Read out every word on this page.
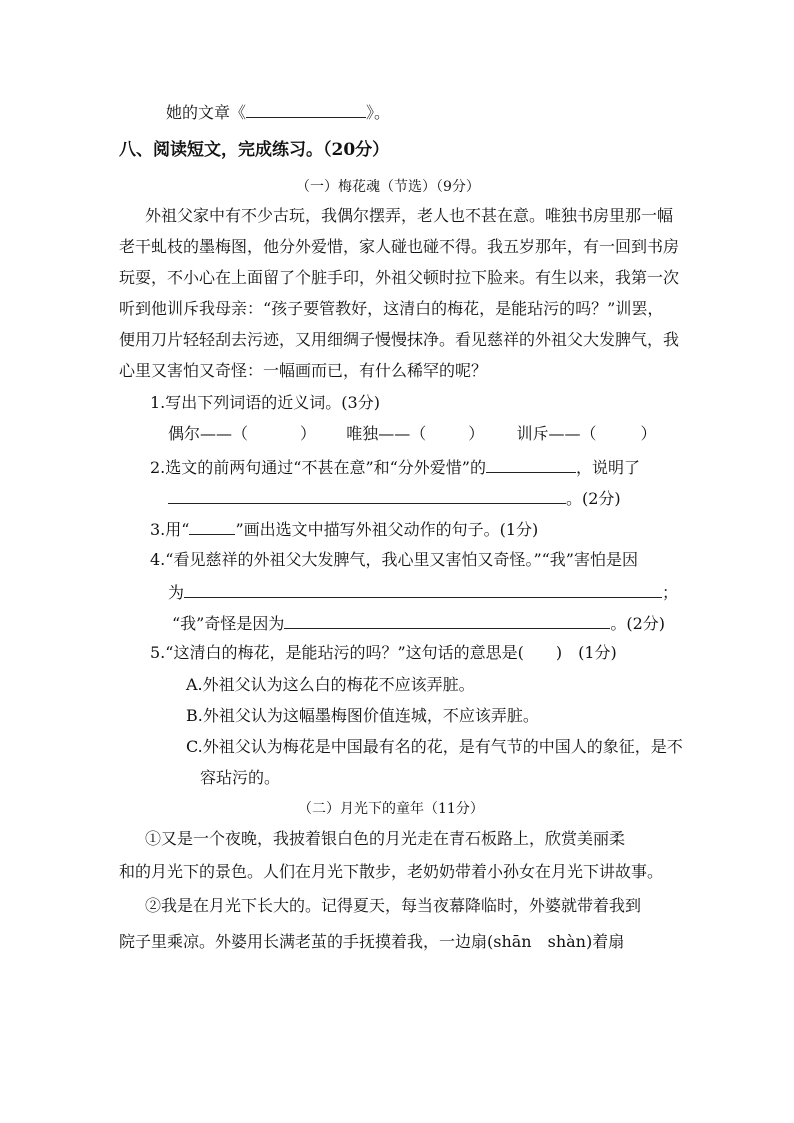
她的文章《	》。
八、阅读短文，完成练习。（20分）
（一）梅花魂（节选）（9分）
外祖父家中有不少古玩，我偶尔摆弄，老人也不甚在意。唯独书房里那一幅
老干虬枝的墨梅图，他分外爱惜，家人碰也碰不得。我五岁那年，有一回到书房
玩耍，不小心在上面留了个脏手印，外祖父顿时拉下脸来。有生以来，我第一次
听到他训斥我母亲：“孩子要管教好，这清白的梅花，是能玷污的吗？”训罢，
便用刀片轻轻刮去污迹，又用细绸子慢慢抹净。看见慈祥的外祖父大发脾气，我
心里又害怕又奇怪：一幅画而已，有什么稀罕的呢？
1.写出下列词语的近义词。(3分)
偶尔——（	） 唯独——（	） 训斥——（	）
2.选文的前两句通过“不甚在意”和“分外爱惜”的	，说明了
。(2分)
3.用“	”画出选文中描写外祖父动作的句子。(1分)
4.“看见慈祥的外祖父大发脾气，我心里又害怕又奇怪。”“我”害怕是因
为	；
“我”奇怪是因为	。(2分)
5.“这清白的梅花，是能玷污的吗？”这句话的意思是(　　)　(1分)
A.外祖父认为这么白的梅花不应该弄脏。
B.外祖父认为这幅墨梅图价值连城，不应该弄脏。
C.外祖父认为梅花是中国最有名的花，是有气节的中国人的象征，是不
容玷污的。
（二）月光下的童年（11分）
①又是一个夜晚，我披着银白色的月光走在青石板路上，欣赏美丽柔
和的月光下的景色。人们在月光下散步，老奶奶带着小孙女在月光下讲故事。
②我是在月光下长大的。记得夏天，每当夜幕降临时，外婆就带着我到
院子里乘凉。外婆用长满老茧的手抚摸着我，一边扇(shān　shàn)着扇
